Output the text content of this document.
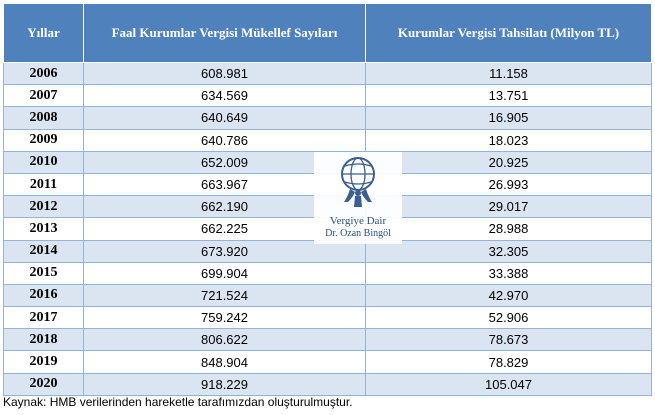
Yıllar	Faal Kurumlar Vergisi Mükellef Sayıları	Kurumlar Vergisi Tahsilatı (Milyon TL)
2006	608.981	11.158
2007	634.569	13.751
2008	640.649	16.905
2009	640.786	18.023
2010	652.009	20.925
2011	663.967	26.993
2012	662.190	29.017
2013	662.225	28.988
2014	673.920	32.305
2015	699.904	33.388
2016	721.524	42.970
2017	759.242	52.906
2018	806.622	78.673
2019	848.904	78.829
2020	918.229	105.047
Kaynak: HMB verilerinden hareketle tarafımızdan oluşturulmuştur.
Vergiye Dair
Dr. Ozan Bingöl
